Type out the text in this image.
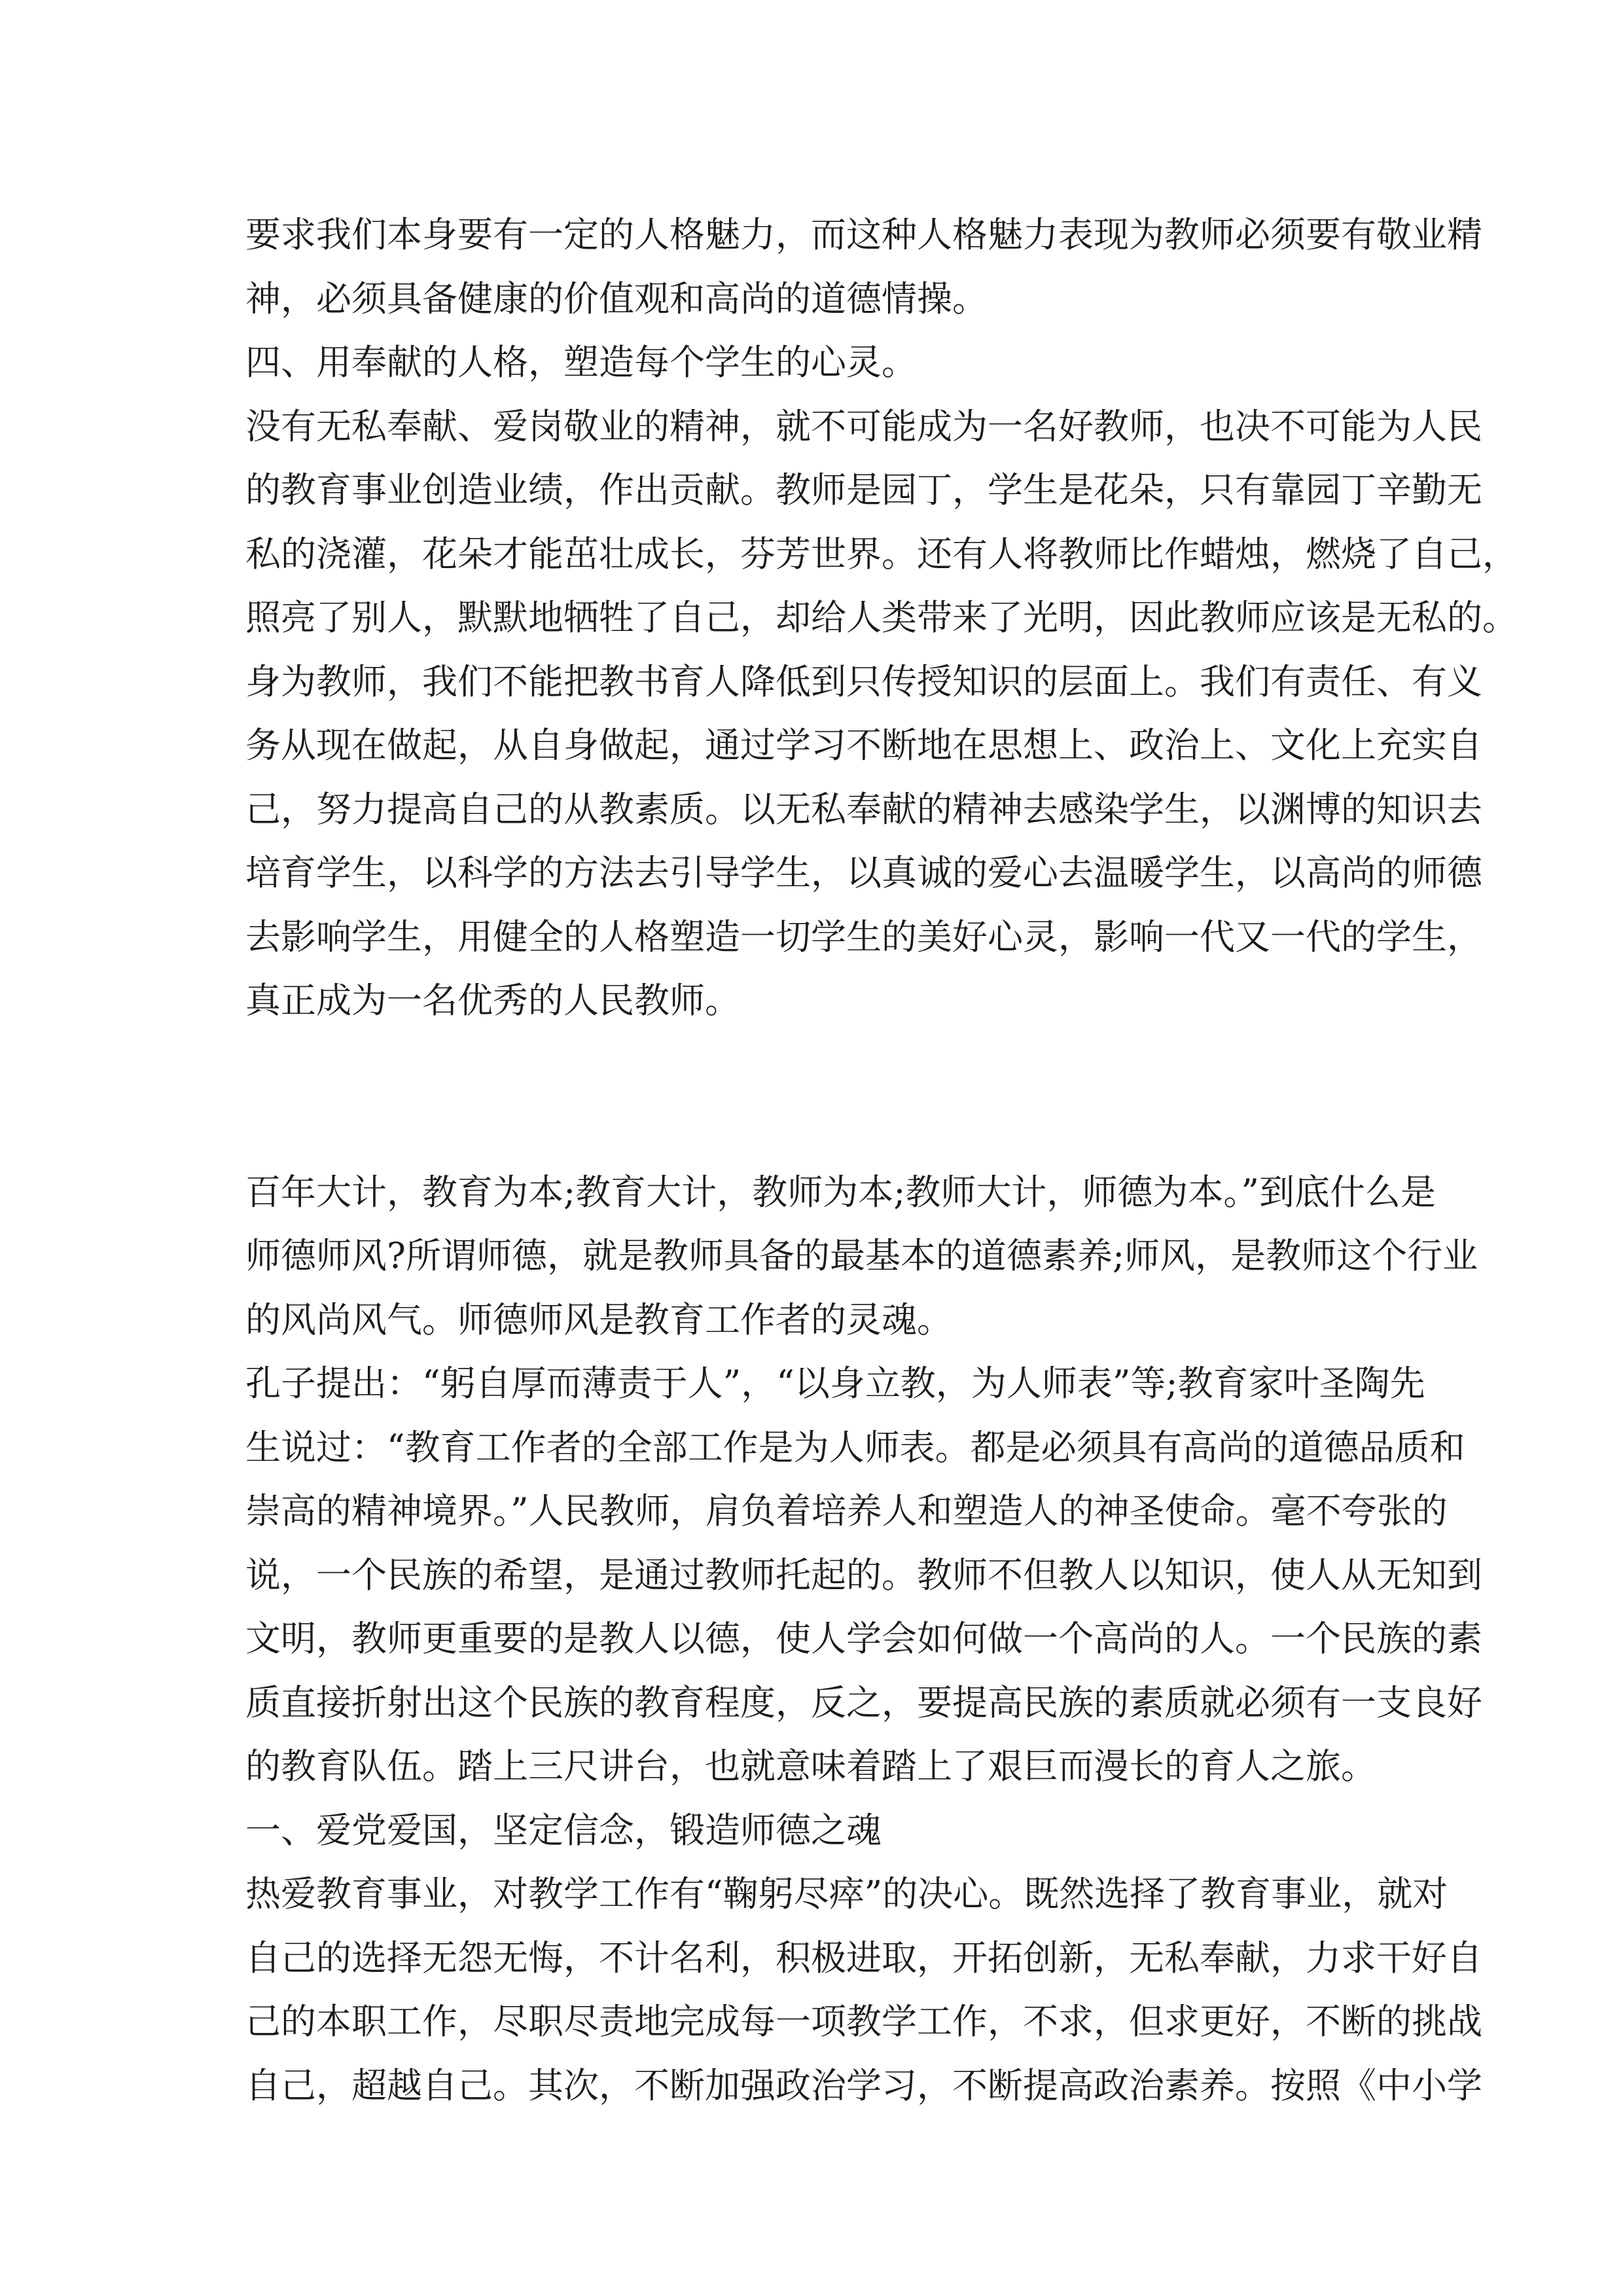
要求我们本身要有一定的人格魅力，而这种人格魅力表现为教师必须要有敬业精
神，必须具备健康的价值观和高尚的道德情操。
四、用奉献的人格，塑造每个学生的心灵。
没有无私奉献、爱岗敬业的精神，就不可能成为一名好教师，也决不可能为人民
的教育事业创造业绩，作出贡献。教师是园丁，学生是花朵，只有靠园丁辛勤无
私的浇灌，花朵才能茁壮成长，芬芳世界。还有人将教师比作蜡烛，燃烧了自己，
照亮了别人，默默地牺牲了自己，却给人类带来了光明，因此教师应该是无私的。
身为教师，我们不能把教书育人降低到只传授知识的层面上。我们有责任、有义
务从现在做起，从自身做起，通过学习不断地在思想上、政治上、文化上充实自
己，努力提高自己的从教素质。以无私奉献的精神去感染学生，以渊博的知识去
培育学生，以科学的方法去引导学生，以真诚的爱心去温暖学生，以高尚的师德
去影响学生，用健全的人格塑造一切学生的美好心灵，影响一代又一代的学生，
真正成为一名优秀的人民教师。
百年大计，教育为本;教育大计，教师为本;教师大计，师德为本。”到底什么是
师德师风?所谓师德，就是教师具备的最基本的道德素养;师风，是教师这个行业
的风尚风气。师德师风是教育工作者的灵魂。
孔子提出：“躬自厚而薄责于人”，“以身立教，为人师表”等;教育家叶圣陶先
生说过：“教育工作者的全部工作是为人师表。都是必须具有高尚的道德品质和
崇高的精神境界。”人民教师，肩负着培养人和塑造人的神圣使命。毫不夸张的
说，一个民族的希望，是通过教师托起的。教师不但教人以知识，使人从无知到
文明，教师更重要的是教人以德，使人学会如何做一个高尚的人。一个民族的素
质直接折射出这个民族的教育程度，反之，要提高民族的素质就必须有一支良好
的教育队伍。踏上三尺讲台，也就意味着踏上了艰巨而漫长的育人之旅。
一、爱党爱国，坚定信念，锻造师德之魂
热爱教育事业，对教学工作有“鞠躬尽瘁”的决心。既然选择了教育事业，就对
自己的选择无怨无悔，不计名利，积极进取，开拓创新，无私奉献，力求干好自
己的本职工作，尽职尽责地完成每一项教学工作，不求，但求更好，不断的挑战
自己，超越自己。其次，不断加强政治学习，不断提高政治素养。按照《中小学
